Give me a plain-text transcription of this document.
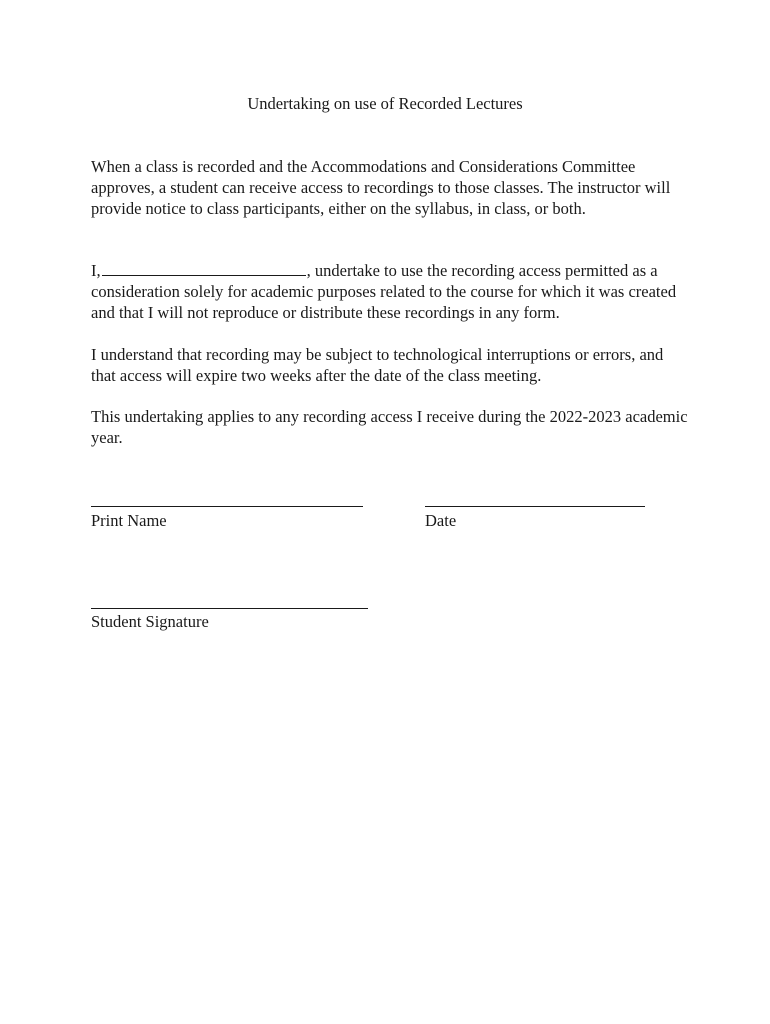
Undertaking on use of Recorded Lectures

When a class is recorded and the Accommodations and Considerations Committee approves, a student can receive access to recordings to those classes. The instructor will provide notice to class participants, either on the syllabus, in class, or both.

I,	, undertake to use the recording access permitted as a consideration solely for academic purposes related to the course for which it was created and that I will not reproduce or distribute these recordings in any form.

I understand that recording may be subject to technological interruptions or errors, and that access will expire two weeks after the date of the class meeting.

This undertaking applies to any recording access I receive during the 2022-2023 academic year.

Print Name	Date

Student Signature
